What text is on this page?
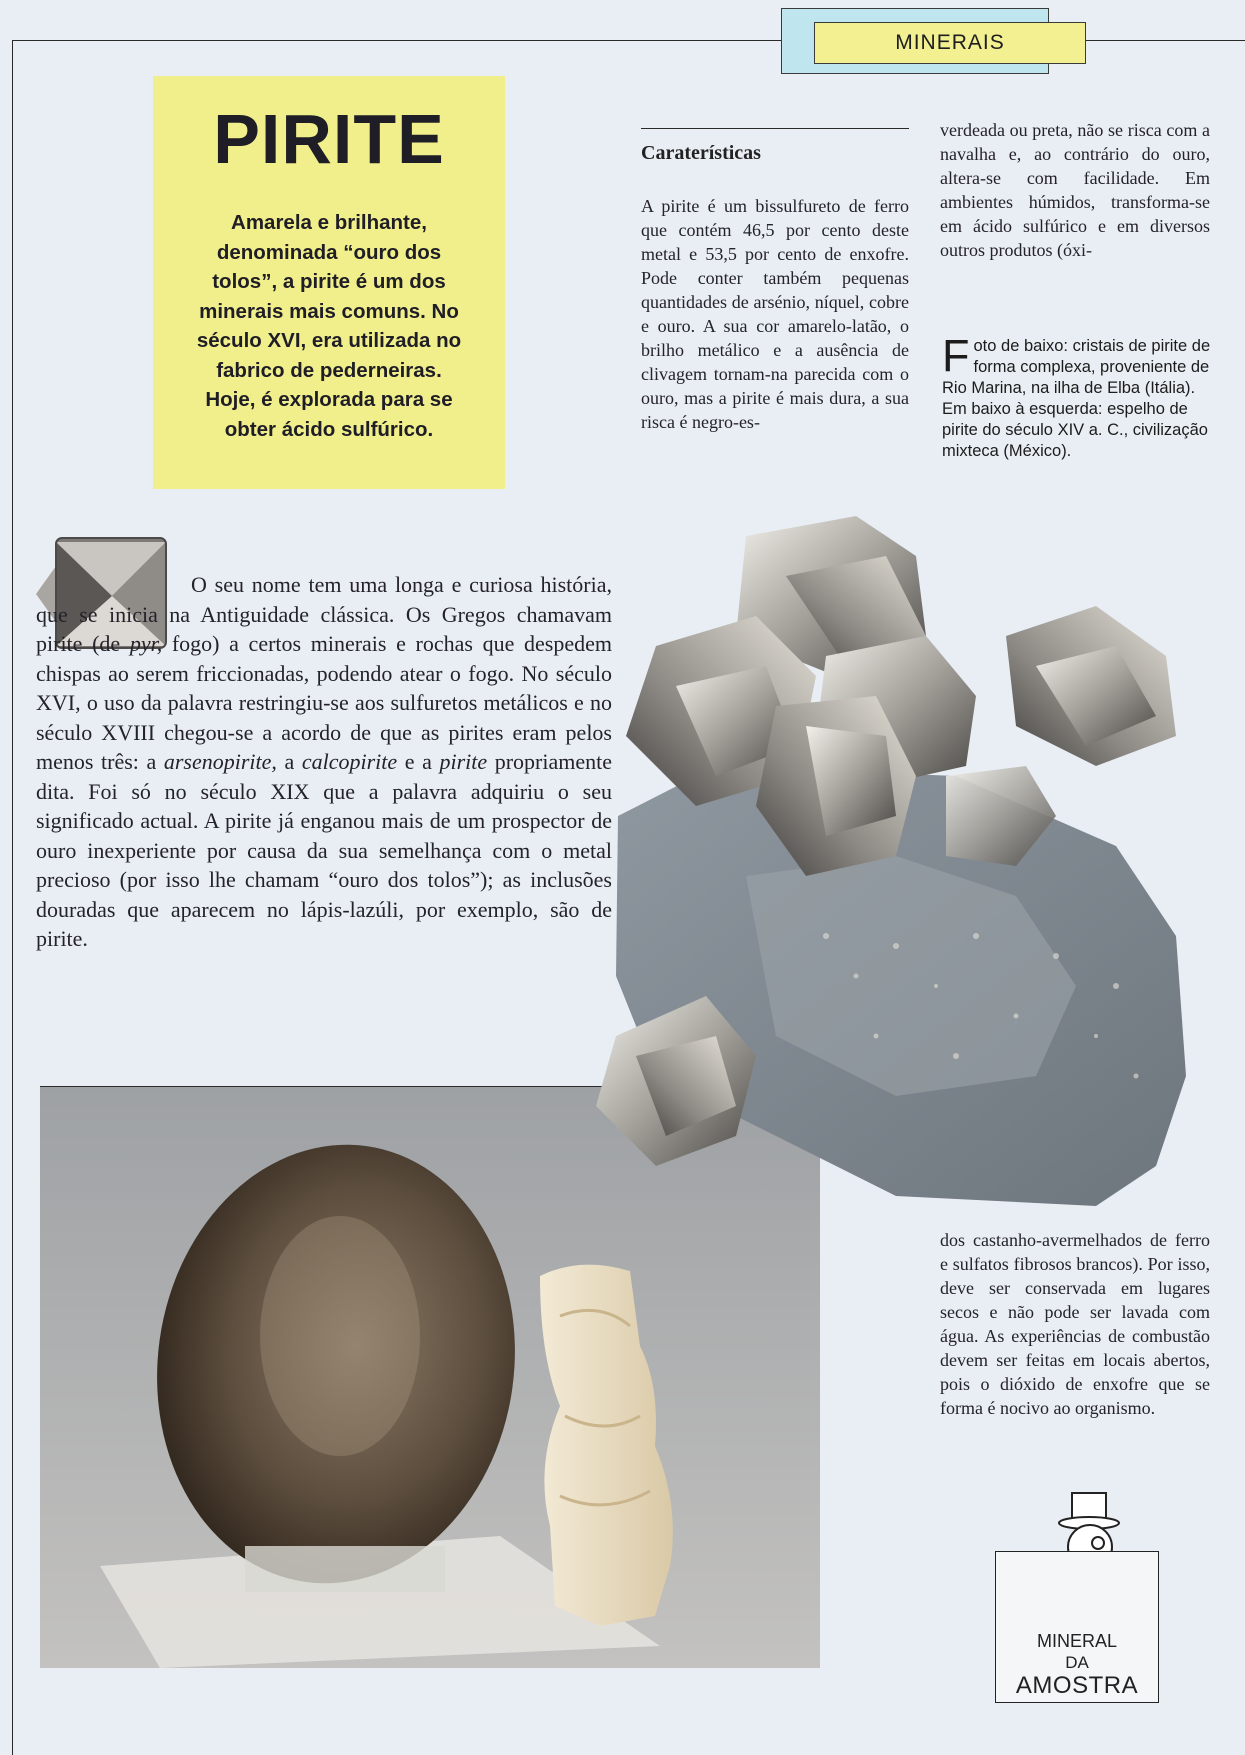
MINERAIS
PIRITE
Amarela e brilhante, denominada “ouro dos tolos”, a pirite é um dos minerais mais comuns. No século XVI, era utilizada no fabrico de pederneiras. Hoje, é explorada para se obter ácido sulfúrico.
Caraterísticas

A pirite é um bissulfureto de ferro que contém 46,5 por cento deste metal e 53,5 por cento de enxofre. Pode conter também pequenas quantidades de arsénio, níquel, cobre e ouro. A sua cor amarelo-latão, o brilho metálico e a ausência de clivagem tornam-na parecida com o ouro, mas a pirite é mais dura, a sua risca é negro-es-

verdeada ou preta, não se risca com a navalha e, ao contrário do ouro, altera-se com facilidade. Em ambientes húmidos, transforma-se em ácido sulfúrico e em diversos outros produtos (óxi-

Foto de baixo: cristais de pirite de forma complexa, proveniente de Rio Marina, na ilha de Elba (Itália). Em baixo à esquerda: espelho de pirite do século XIV a. C., civilização mixteca (México).

O seu nome tem uma longa e curiosa história, que se inicia na Antiguidade clássica. Os Gregos chamavam pirite (de pyr, fogo) a certos minerais e rochas que despedem chispas ao serem friccionadas, podendo atear o fogo. No século XVI, o uso da palavra restringiu-se aos sulfuretos metálicos e no século XVIII chegou-se a acordo de que as pirites eram pelos menos três: a arsenopirite, a calcopirite e a pirite propriamente dita. Foi só no século XIX que a palavra adquiriu o seu significado actual. A pirite já enganou mais de um prospector de ouro inexperiente por causa da sua semelhança com o metal precioso (por isso lhe chamam “ouro dos tolos”); as inclusões douradas que aparecem no lápis-lazúli, por exemplo, são de pirite.

dos castanho-avermelhados de ferro e sulfatos fibrosos brancos). Por isso, deve ser conservada em lugares secos e não pode ser lavada com água. As experiências de combustão devem ser feitas em locais abertos, pois o dióxido de enxofre que se forma é nocivo ao organismo.

MINERAL
DA
AMOSTRA
